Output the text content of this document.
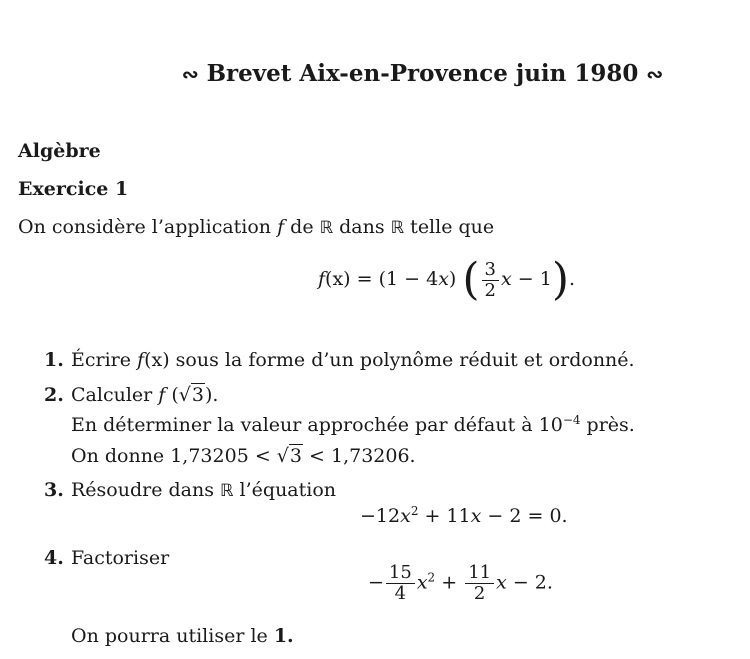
∾ Brevet Aix-en-Provence juin 1980 ∾
Algèbre
Exercice 1
On considère l’application f de ℝ dans ℝ telle que
f(x) = (1 − 4x) ( $\frac{3}{2}$ x − 1).
1. Écrire f(x) sous la forme d’un polynôme réduit et ordonné.
2. Calculer f (√3).
En déterminer la valeur approchée par défaut à $10^{-4}$ près.
On donne 1,73205 < √3 < 1,73206.
3. Résoudre dans ℝ l’équation
$-12x^2 + 11x - 2 = 0$.
4. Factoriser
− $\frac{15}{4} x^2 + \frac{11}{2}$ x − 2.
On pourra utiliser le 1.
